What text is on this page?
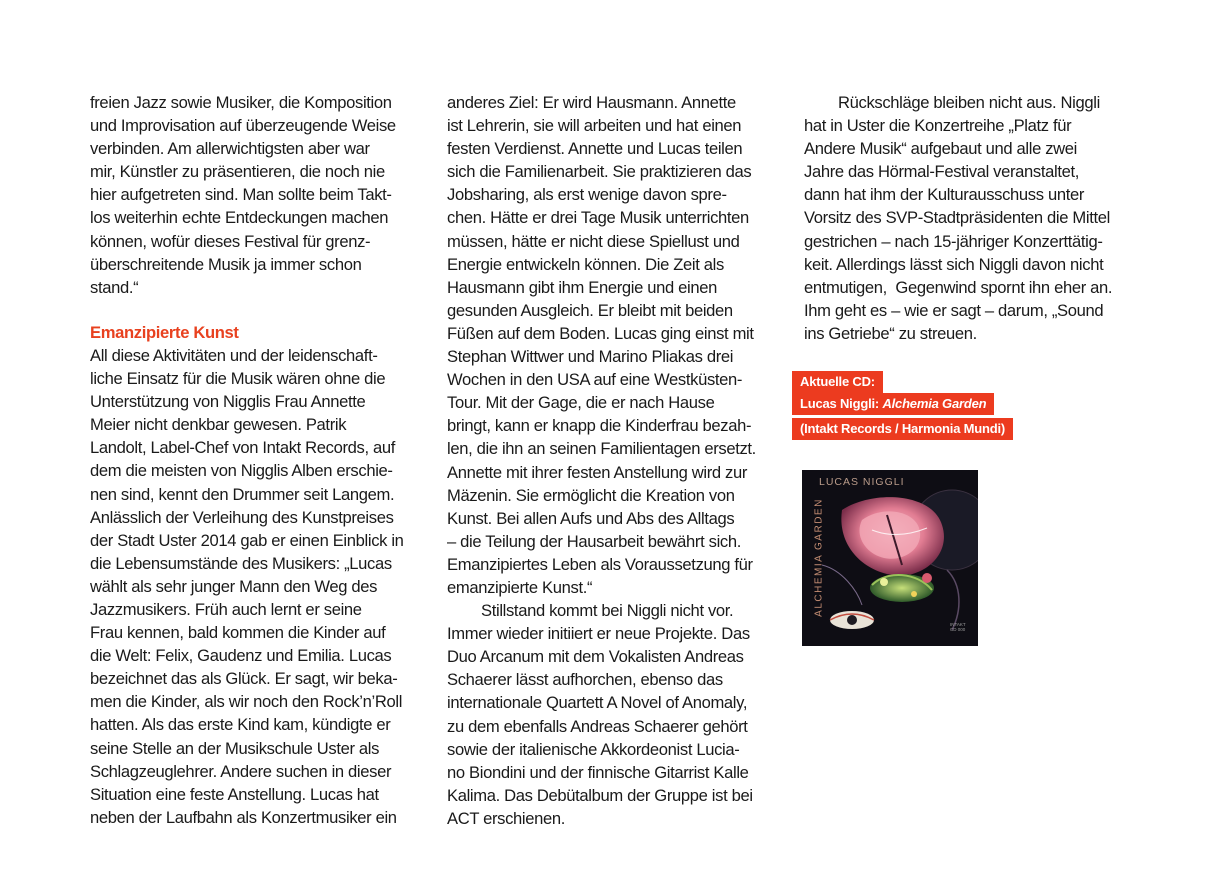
freien Jazz sowie Musiker, die Komposition

und Improvisation auf überzeugende Weise

verbinden. Am allerwichtigsten aber war

mir, Künstler zu präsentieren, die noch nie

hier aufgetreten sind. Man sollte beim Takt-

los weiterhin echte Entdeckungen machen

können, wofür dieses Festival für grenz-

überschreitende Musik ja immer schon

stand.“

Emanzipierte Kunst

All diese Aktivitäten und der leidenschaft-

liche Einsatz für die Musik wären ohne die

Unterstützung von Nigglis Frau Annette

Meier nicht denkbar gewesen. Patrik

Landolt, Label-Chef von Intakt Records, auf

dem die meisten von Nigglis Alben erschie-

nen sind, kennt den Drummer seit Langem.

Anlässlich der Verleihung des Kunstpreises

der Stadt Uster 2014 gab er einen Einblick in

die Lebensumstände des Musikers: „Lucas

wählt als sehr junger Mann den Weg des

Jazzmusikers. Früh auch lernt er seine

Frau kennen, bald kommen die Kinder auf

die Welt: Felix, Gaudenz und Emilia. Lucas

bezeichnet das als Glück. Er sagt, wir beka-

men die Kinder, als wir noch den Rock’n’Roll

hatten. Als das erste Kind kam, kündigte er

seine Stelle an der Musikschule Uster als

Schlagzeuglehrer. Andere suchen in dieser

Situation eine feste Anstellung. Lucas hat

neben der Laufbahn als Konzertmusiker ein

anderes Ziel: Er wird Hausmann. Annette

ist Lehrerin, sie will arbeiten und hat einen

festen Verdienst. Annette und Lucas teilen

sich die Familienarbeit. Sie praktizieren das

Jobsharing, als erst wenige davon spre-

chen. Hätte er drei Tage Musik unterrichten

müssen, hätte er nicht diese Spiellust und

Energie entwickeln können. Die Zeit als

Hausmann gibt ihm Energie und einen

gesunden Ausgleich. Er bleibt mit beiden

Füßen auf dem Boden. Lucas ging einst mit

Stephan Wittwer und Marino Pliakas drei

Wochen in den USA auf eine Westküsten-

Tour. Mit der Gage, die er nach Hause

bringt, kann er knapp die Kinderfrau bezah-

len, die ihn an seinen Familientagen ersetzt.

Annette mit ihrer festen Anstellung wird zur

Mäzenin. Sie ermöglicht die Kreation von

Kunst. Bei allen Aufs und Abs des Alltags

– die Teilung der Hausarbeit bewährt sich.

Emanzipiertes Leben als Voraussetzung für

emanzipierte Kunst.“

Stillstand kommt bei Niggli nicht vor.

Immer wieder initiiert er neue Projekte. Das

Duo Arcanum mit dem Vokalisten Andreas

Schaerer lässt aufhorchen, ebenso das

internationale Quartett A Novel of Anomaly,

zu dem ebenfalls Andreas Schaerer gehört

sowie der italienische Akkordeonist Lucia-

no Biondini und der finnische Gitarrist Kalle

Kalima. Das Debütalbum der Gruppe ist bei

ACT erschienen.

Rückschläge bleiben nicht aus. Niggli

hat in Uster die Konzertreihe „Platz für

Andere Musik“ aufgebaut und alle zwei

Jahre das Hörmal-Festival veranstaltet,

dann hat ihm der Kulturausschuss unter

Vorsitz des SVP-Stadtpräsidenten die Mittel

gestrichen – nach 15-jähriger Konzerttätig-

keit. Allerdings lässt sich Niggli davon nicht

entmutigen,  Gegenwind spornt ihn eher an.

Ihm geht es – wie er sagt – darum, „Sound

ins Getriebe“ zu streuen.

Aktuelle CD:
Lucas Niggli: Alchemia Garden
(Intakt Records / Harmonia Mundi)
LUCAS NIGGLI
ALCHEMIA GARDEN
INTAKT
CD 000
